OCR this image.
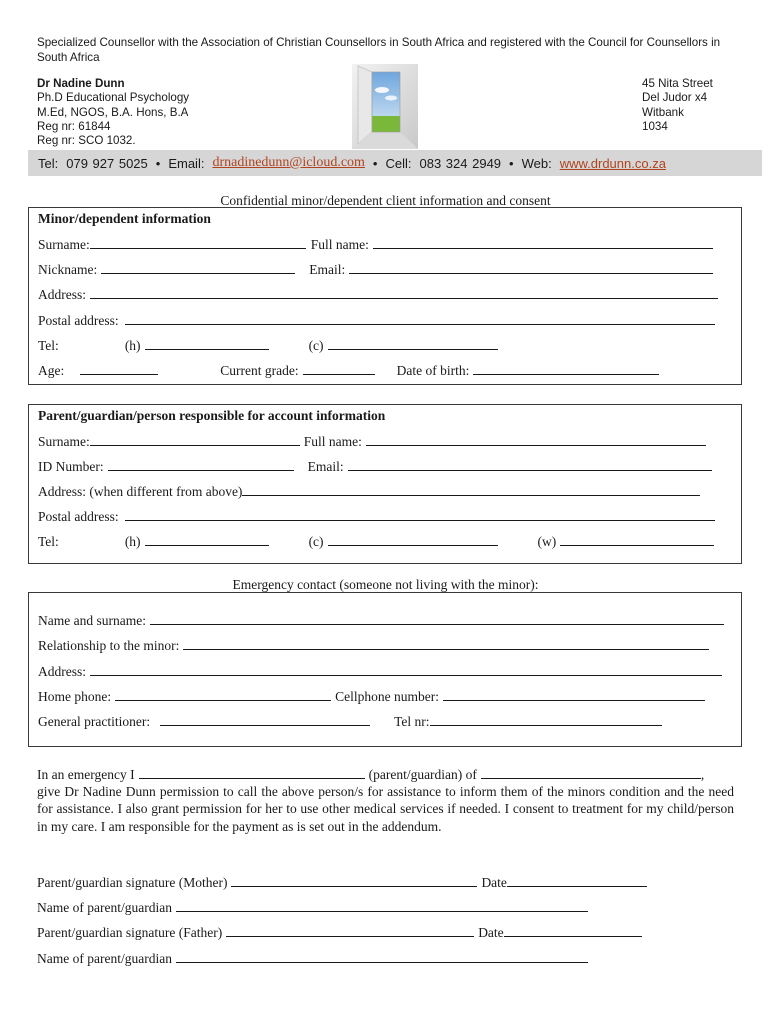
Specialized Counsellor with the Association of Christian Counsellors in South Africa and registered with the Council for Counsellors in South Africa
Dr Nadine Dunn
Ph.D Educational Psychology
M.Ed, NGOS, B.A. Hons, B.A
Reg nr: 61844
Reg nr: SCO 1032.
45 Nita Street
Del Judor x4
Witbank
1034
Tel: 079 927 5025 • Email: drnadinedunn@icloud.com • Cell: 083 324 2949 • Web: www.drdunn.co.za
Confidential minor/dependent client information and consent
Minor/dependent information
Surname:	Full name:
Nickname:	Email:
Address:
Postal address:
Tel:	(h)	(c)
Age:	Current grade:	Date of birth:
Parent/guardian/person responsible for account information
Surname:	Full name:
ID Number:	Email:
Address: (when different from above)
Postal address:
Tel:	(h)	(c)	(w)
Emergency contact (someone not living with the minor):
Name and surname:
Relationship to the minor:
Address:
Home phone:	Cellphone number:
General practitioner:	Tel nr:
In an emergency I	(parent/guardian) of	,
give Dr Nadine Dunn permission to call the above person/s for assistance to inform them of the minors condition and the need for assistance. I also grant permission for her to use other medical services if needed. I consent to treatment for my child/person in my care. I am responsible for the payment as is set out in the addendum.
Parent/guardian signature (Mother)	Date
Name of parent/guardian
Parent/guardian signature (Father)	Date
Name of parent/guardian
